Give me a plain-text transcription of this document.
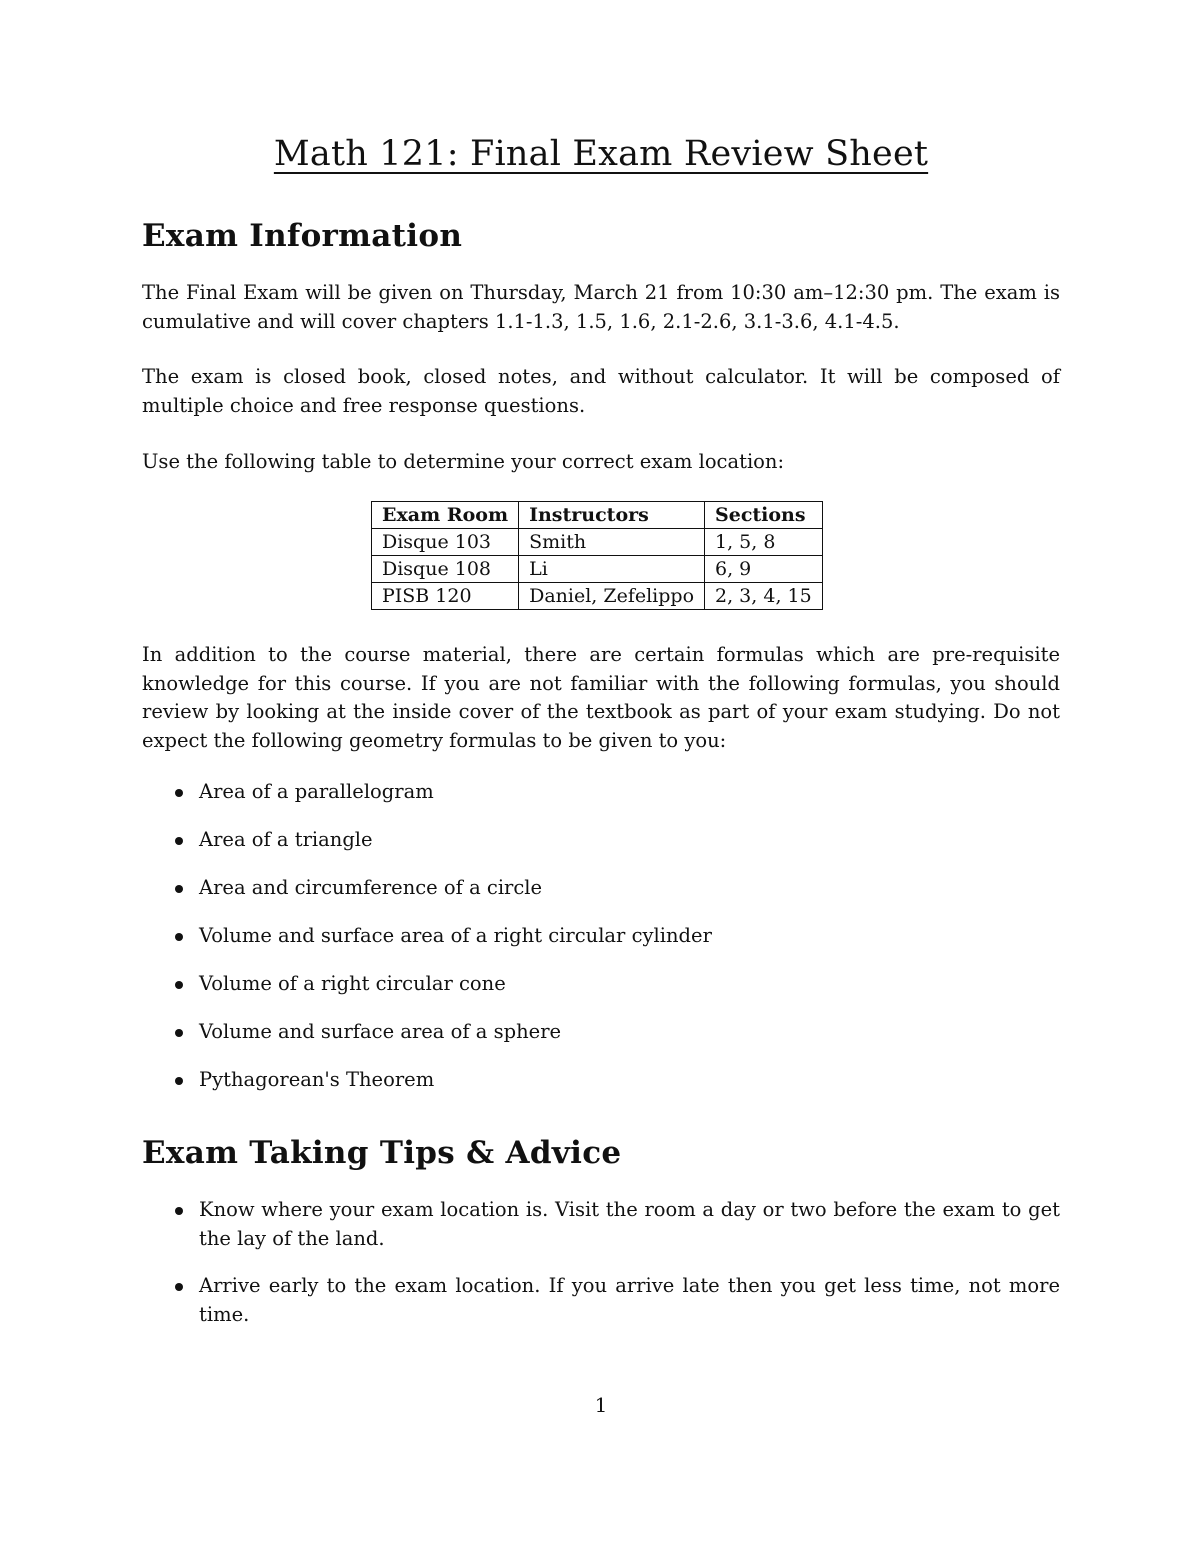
Math 121: Final Exam Review Sheet
Exam Information

The Final Exam will be given on Thursday, March 21 from 10:30 am–12:30 pm. The exam is cumulative and will cover chapters 1.1-1.3, 1.5, 1.6, 2.1-2.6, 3.1-3.6, 4.1-4.5.

The exam is closed book, closed notes, and without calculator. It will be composed of multiple choice and free response questions.

Use the following table to determine your correct exam location:

Exam Room	Instructors	Sections
Disque 103	Smith	1, 5, 8
Disque 108	Li	6, 9
PISB 120	Daniel, Zefelippo	2, 3, 4, 15

In addition to the course material, there are certain formulas which are pre-requisite knowledge for this course. If you are not familiar with the following formulas, you should review by looking at the inside cover of the textbook as part of your exam studying. Do not expect the following geometry formulas to be given to you:

Area of a parallelogram
Area of a triangle
Area and circumference of a circle
Volume and surface area of a right circular cylinder
Volume of a right circular cone
Volume and surface area of a sphere
Pythagorean's Theorem
Exam Taking Tips & Advice
Know where your exam location is. Visit the room a day or two before the exam to get the lay of the land.
Arrive early to the exam location. If you arrive late then you get less time, not more time.
1
